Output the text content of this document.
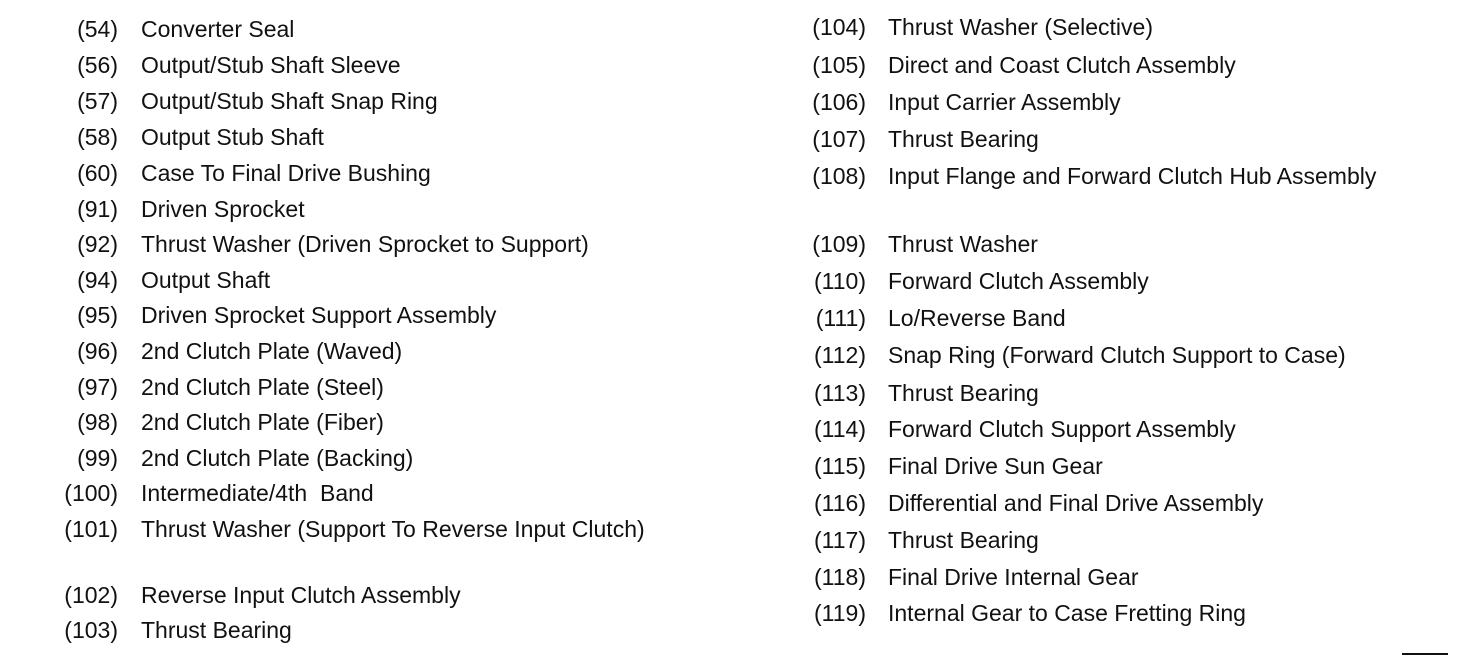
(54) Converter Seal
(56) Output/Stub Shaft Sleeve
(57) Output/Stub Shaft Snap Ring
(58) Output Stub Shaft
(60) Case To Final Drive Bushing
(91) Driven Sprocket
(92) Thrust Washer (Driven Sprocket to Support)
(94) Output Shaft
(95) Driven Sprocket Support Assembly
(96) 2nd Clutch Plate (Waved)
(97) 2nd Clutch Plate (Steel)
(98) 2nd Clutch Plate (Fiber)
(99) 2nd Clutch Plate (Backing)
(100) Intermediate/4th  Band
(101) Thrust Washer (Support To Reverse Input Clutch)
(102) Reverse Input Clutch Assembly
(103) Thrust Bearing
(104) Thrust Washer (Selective)
(105) Direct and Coast Clutch Assembly
(106) Input Carrier Assembly
(107) Thrust Bearing
(108) Input Flange and Forward Clutch Hub Assembly
(109) Thrust Washer
(110) Forward Clutch Assembly
(111) Lo/Reverse Band
(112) Snap Ring (Forward Clutch Support to Case)
(113) Thrust Bearing
(114) Forward Clutch Support Assembly
(115) Final Drive Sun Gear
(116) Differential and Final Drive Assembly
(117) Thrust Bearing
(118) Final Drive Internal Gear
(119) Internal Gear to Case Fretting Ring
